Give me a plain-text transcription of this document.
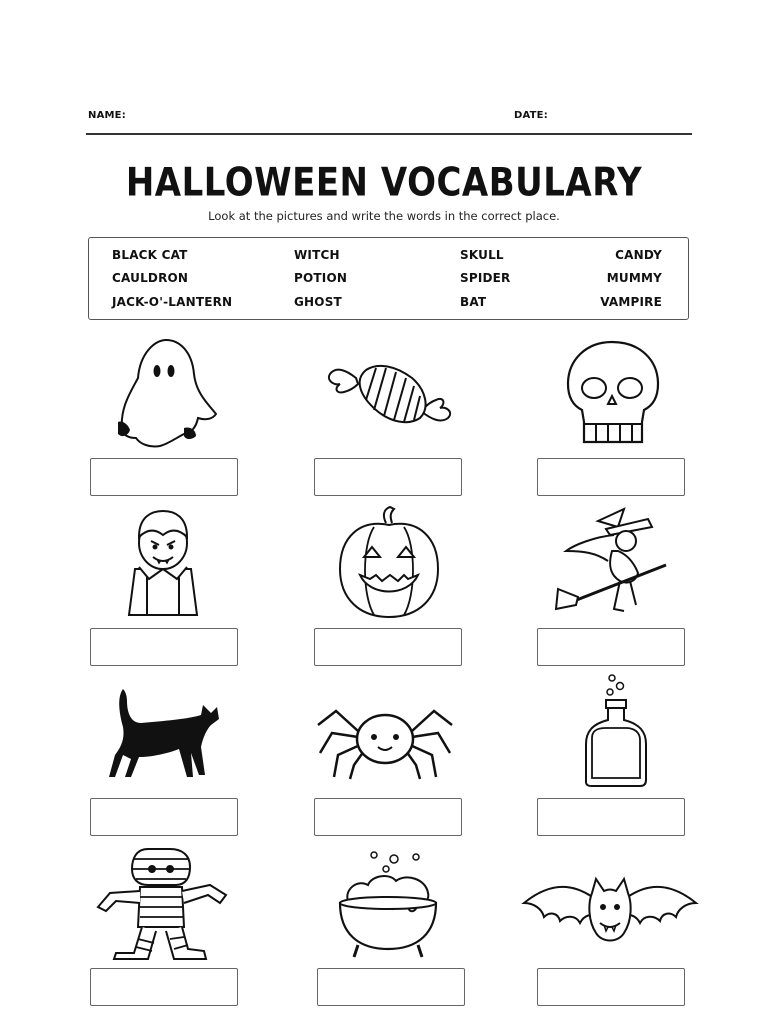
NAME:	DATE:
HALLOWEEN VOCABULARY
Look at the pictures and write the words in the correct place.
BLACK CAT	WITCH	SKULL	CANDY
CAULDRON	POTION	SPIDER	MUMMY
JACK-O'-LANTERN	GHOST	BAT	VAMPIRE
